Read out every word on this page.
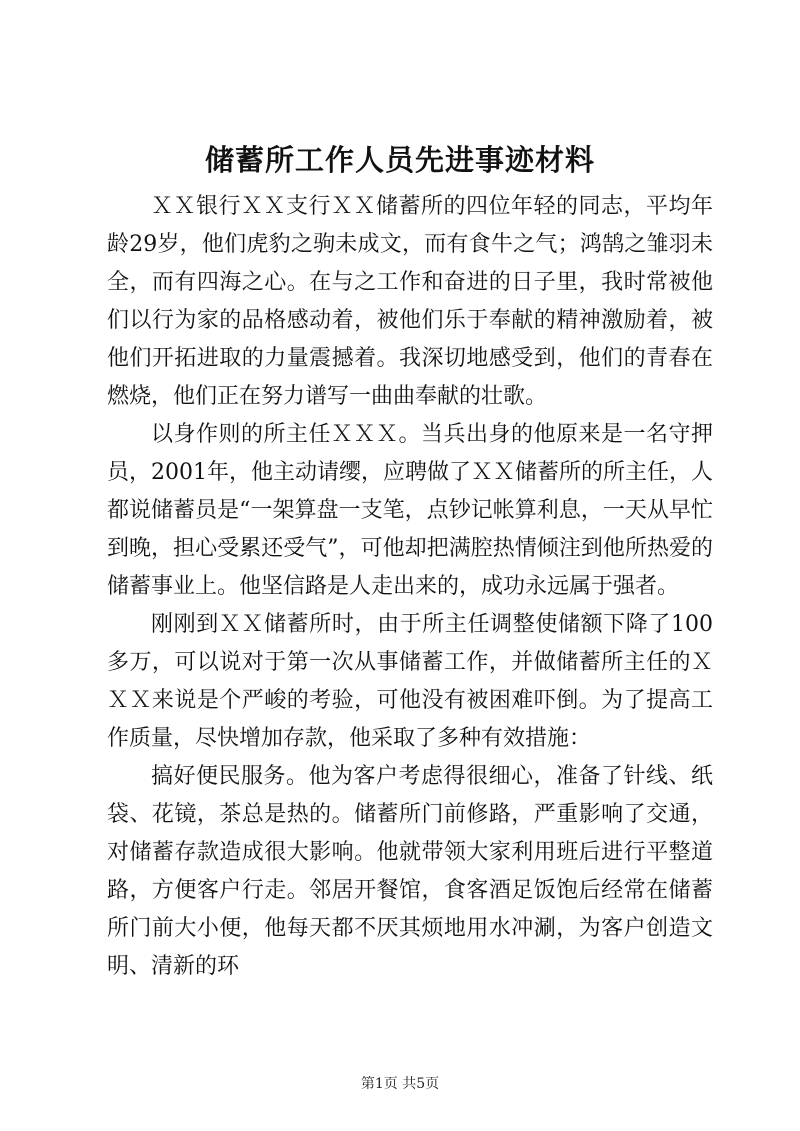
储蓄所工作人员先进事迹材料

ＸＸ银行ＸＸ支行ＸＸ储蓄所的四位年轻的同志，平均年龄29岁，他们虎豹之驹未成文，而有食牛之气；鸿鹄之雏羽未全，而有四海之心。在与之工作和奋进的日子里，我时常被他们以行为家的品格感动着，被他们乐于奉献的精神激励着，被他们开拓进取的力量震撼着。我深切地感受到，他们的青春在燃烧，他们正在努力谱写一曲曲奉献的壮歌。

以身作则的所主任ＸＸＸ。当兵出身的他原来是一名守押员，2001年，他主动请缨，应聘做了ＸＸ储蓄所的所主任，人都说储蓄员是“一架算盘一支笔，点钞记帐算利息，一天从早忙到晚，担心受累还受气”，可他却把满腔热情倾注到他所热爱的储蓄事业上。他坚信路是人走出来的，成功永远属于强者。

刚刚到ＸＸ储蓄所时，由于所主任调整使储额下降了100多万，可以说对于第一次从事储蓄工作，并做储蓄所主任的ＸＸＸ来说是个严峻的考验，可他没有被困难吓倒。为了提高工作质量，尽快增加存款，他采取了多种有效措施：

搞好便民服务。他为客户考虑得很细心，准备了针线、纸袋、花镜，茶总是热的。储蓄所门前修路，严重影响了交通，对储蓄存款造成很大影响。他就带领大家利用班后进行平整道路，方便客户行走。邻居开餐馆，食客酒足饭饱后经常在储蓄所门前大小便，他每天都不厌其烦地用水冲涮，为客户创造文明、清新的环

第1页 共5页
